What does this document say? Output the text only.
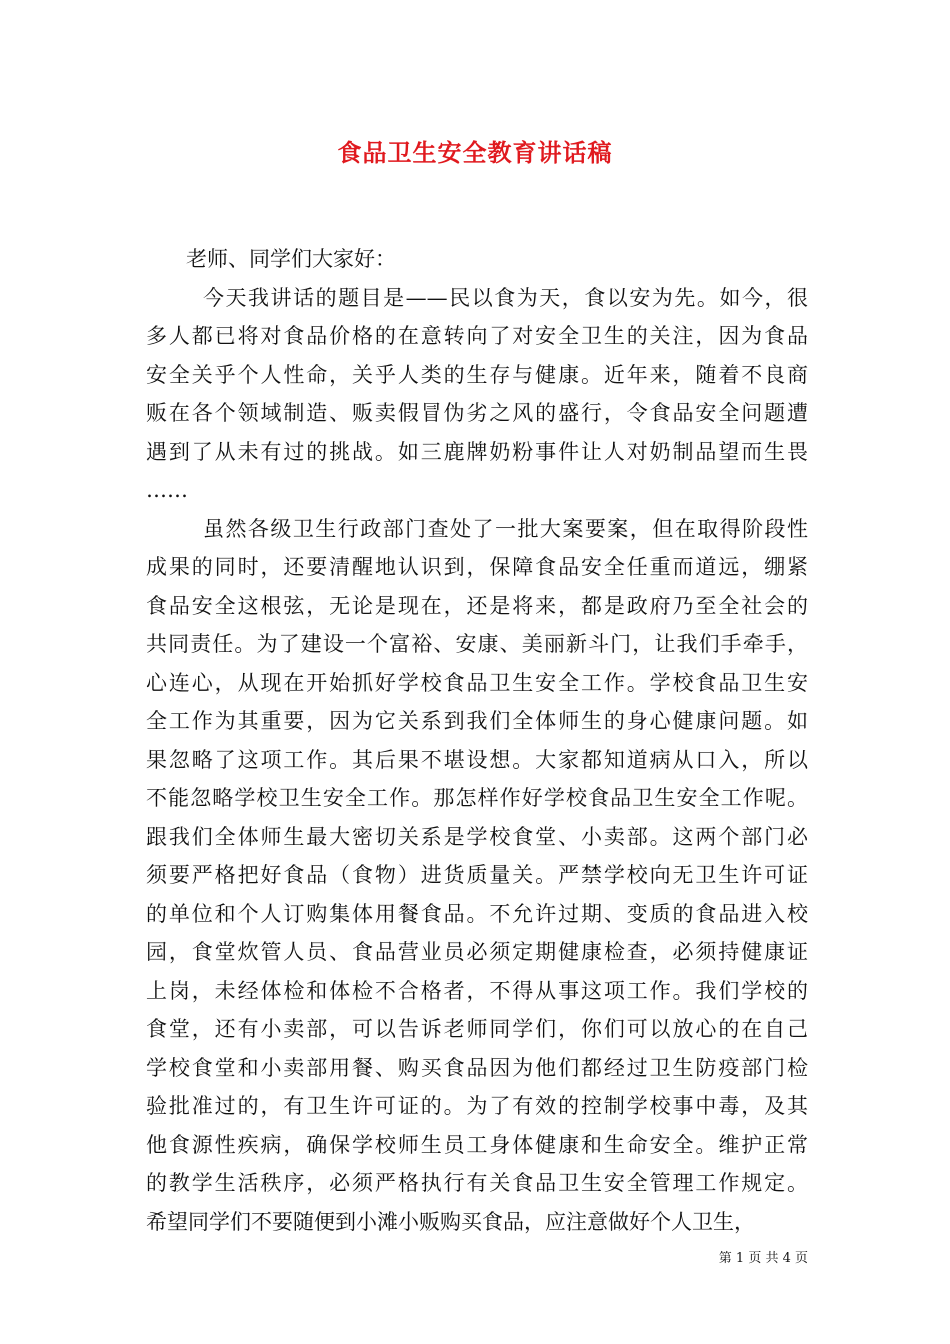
食品卫生安全教育讲话稿
老师、同学们大家好：
今天我讲话的题目是——民以食为天，食以安为先。如今，很
多人都已将对食品价格的在意转向了对安全卫生的关注，因为食品
安全关乎个人性命，关乎人类的生存与健康。近年来，随着不良商
贩在各个领域制造、贩卖假冒伪劣之风的盛行，令食品安全问题遭
遇到了从未有过的挑战。如三鹿牌奶粉事件让人对奶制品望而生畏
……
虽然各级卫生行政部门查处了一批大案要案，但在取得阶段性
成果的同时，还要清醒地认识到，保障食品安全任重而道远，绷紧
食品安全这根弦，无论是现在，还是将来，都是政府乃至全社会的
共同责任。为了建设一个富裕、安康、美丽新斗门，让我们手牵手，
心连心，从现在开始抓好学校食品卫生安全工作。学校食品卫生安
全工作为其重要，因为它关系到我们全体师生的身心健康问题。如
果忽略了这项工作。其后果不堪设想。大家都知道病从口入，所以
不能忽略学校卫生安全工作。那怎样作好学校食品卫生安全工作呢。
跟我们全体师生最大密切关系是学校食堂、小卖部。这两个部门必
须要严格把好食品（食物）进货质量关。严禁学校向无卫生许可证
的单位和个人订购集体用餐食品。不允许过期、变质的食品进入校
园，食堂炊管人员、食品营业员必须定期健康检查，必须持健康证
上岗，未经体检和体检不合格者，不得从事这项工作。我们学校的
食堂，还有小卖部，可以告诉老师同学们，你们可以放心的在自己
学校食堂和小卖部用餐、购买食品因为他们都经过卫生防疫部门检
验批准过的，有卫生许可证的。为了有效的控制学校事中毒，及其
他食源性疾病，确保学校师生员工身体健康和生命安全。维护正常
的教学生活秩序，必须严格执行有关食品卫生安全管理工作规定。
希望同学们不要随便到小滩小贩购买食品，应注意做好个人卫生，
第 1 页 共 4 页
